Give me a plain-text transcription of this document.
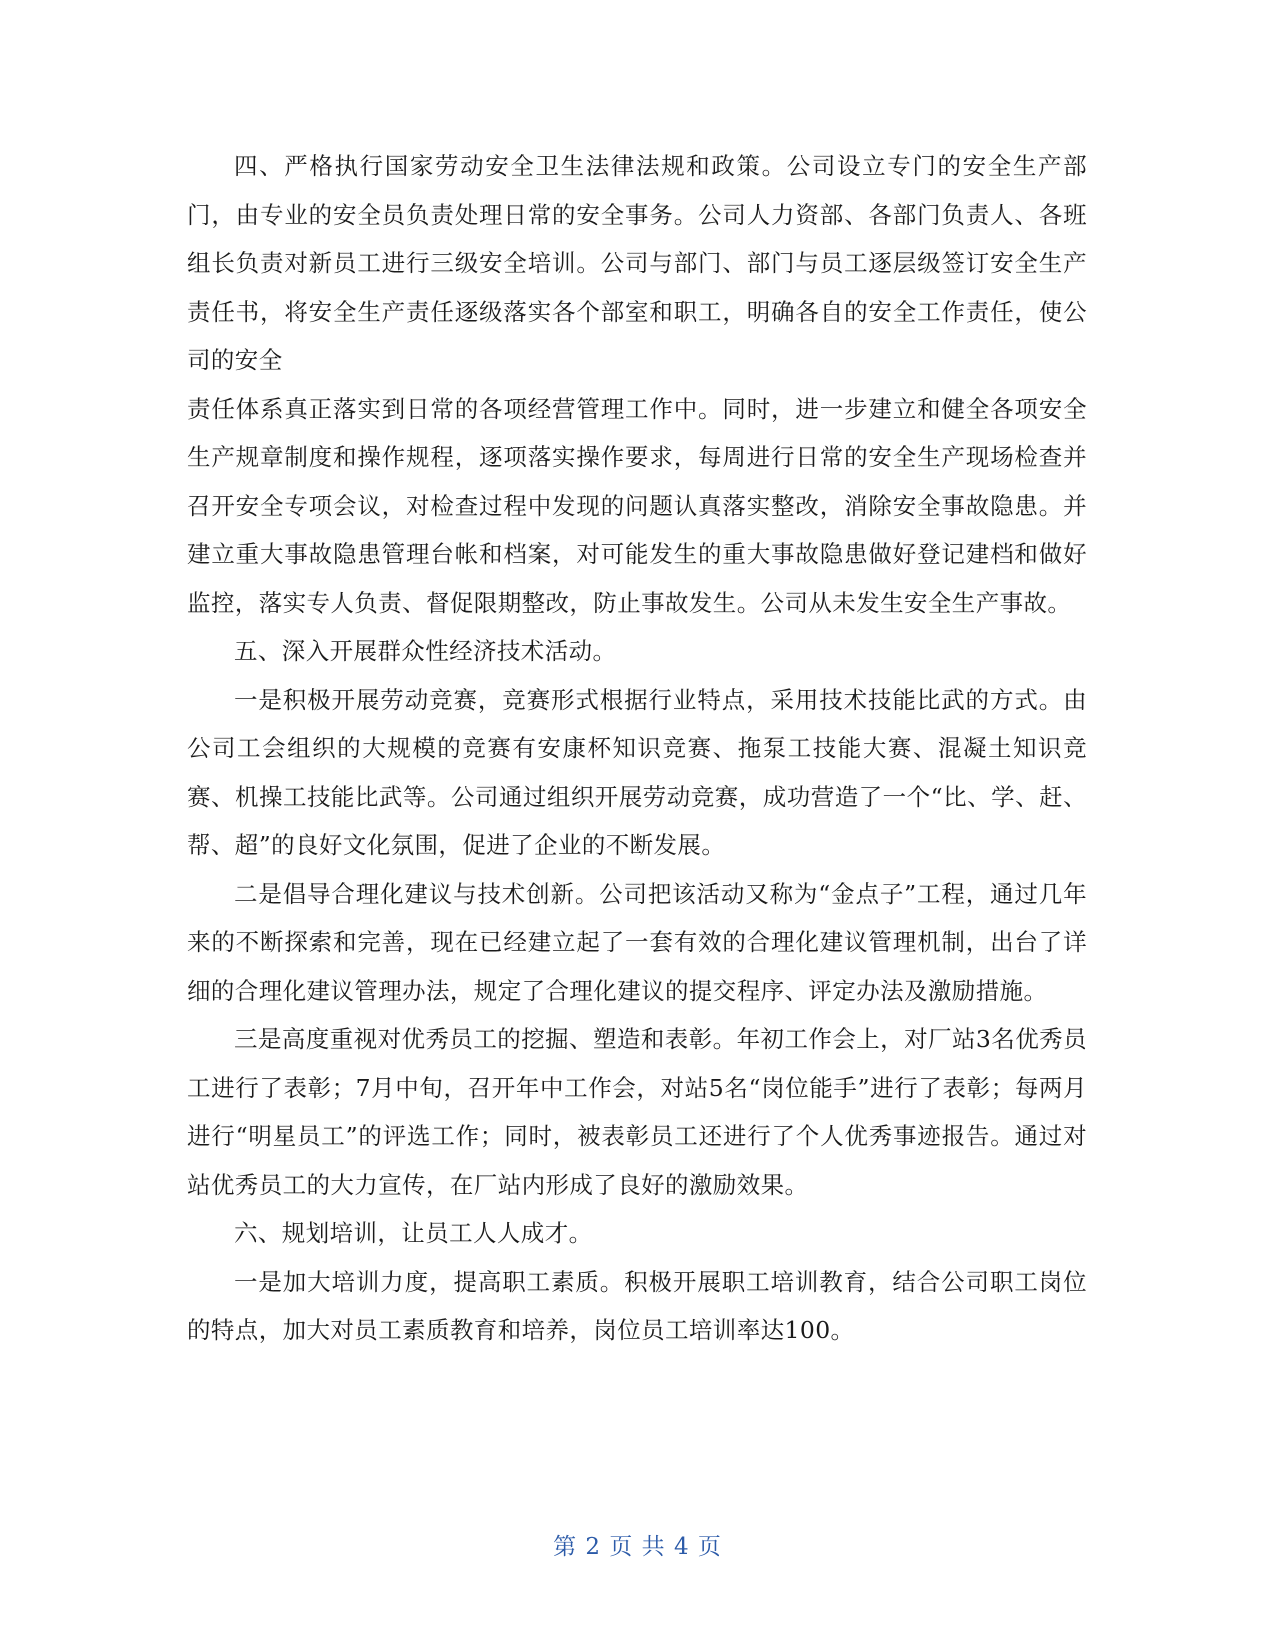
四、严格执行国家劳动安全卫生法律法规和政策。公司设立专门的安全生产部门，由专业的安全员负责处理日常的安全事务。公司人力资部、各部门负责人、各班组长负责对新员工进行三级安全培训。公司与部门、部门与员工逐层级签订安全生产责任书，将安全生产责任逐级落实各个部室和职工，明确各自的安全工作责任，使公司的安全

责任体系真正落实到日常的各项经营管理工作中。同时，进一步建立和健全各项安全生产规章制度和操作规程，逐项落实操作要求，每周进行日常的安全生产现场检查并召开安全专项会议，对检查过程中发现的问题认真落实整改，消除安全事故隐患。并建立重大事故隐患管理台帐和档案，对可能发生的重大事故隐患做好登记建档和做好监控，落实专人负责、督促限期整改，防止事故发生。公司从未发生安全生产事故。

五、深入开展群众性经济技术活动。

一是积极开展劳动竞赛，竞赛形式根据行业特点，采用技术技能比武的方式。由公司工会组织的大规模的竞赛有安康杯知识竞赛、拖泵工技能大赛、混凝土知识竞赛、机操工技能比武等。公司通过组织开展劳动竞赛，成功营造了一个“比、学、赶、帮、超”的良好文化氛围，促进了企业的不断发展。

二是倡导合理化建议与技术创新。公司把该活动又称为“金点子”工程，通过几年来的不断探索和完善，现在已经建立起了一套有效的合理化建议管理机制，出台了详细的合理化建议管理办法，规定了合理化建议的提交程序、评定办法及激励措施。

三是高度重视对优秀员工的挖掘、塑造和表彰。年初工作会上，对厂站3名优秀员工进行了表彰；7月中旬，召开年中工作会，对站5名“岗位能手”进行了表彰；每两月进行“明星员工”的评选工作；同时，被表彰员工还进行了个人优秀事迹报告。通过对站优秀员工的大力宣传，在厂站内形成了良好的激励效果。

六、规划培训，让员工人人成才。

一是加大培训力度，提高职工素质。积极开展职工培训教育，结合公司职工岗位的特点，加大对员工素质教育和培养，岗位员工培训率达100。

第 2 页 共 4 页
